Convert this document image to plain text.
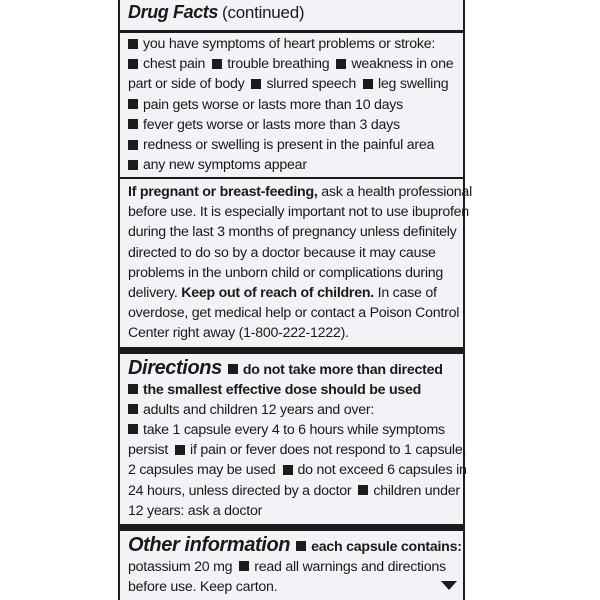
Drug Facts (continued)
you have symptoms of heart problems or stroke:
chest pain trouble breathing weakness in one
part or side of body slurred speech leg swelling
pain gets worse or lasts more than 10 days
fever gets worse or lasts more than 3 days
redness or swelling is present in the painful area
any new symptoms appear
If pregnant or breast-feeding, ask a health professional
before use. It is especially important not to use ibuprofen
during the last 3 months of pregnancy unless definitely
directed to do so by a doctor because it may cause
problems in the unborn child or complications during
delivery. Keep out of reach of children. In case of
overdose, get medical help or contact a Poison Control
Center right away (1-800-222-1222).
Directions do not take more than directed
the smallest effective dose should be used
adults and children 12 years and over:
take 1 capsule every 4 to 6 hours while symptoms
persist if pain or fever does not respond to 1 capsule,
2 capsules may be used do not exceed 6 capsules in
24 hours, unless directed by a doctor children under
12 years: ask a doctor
Other information each capsule contains:
potassium 20 mg read all warnings and directions
before use. Keep carton.
